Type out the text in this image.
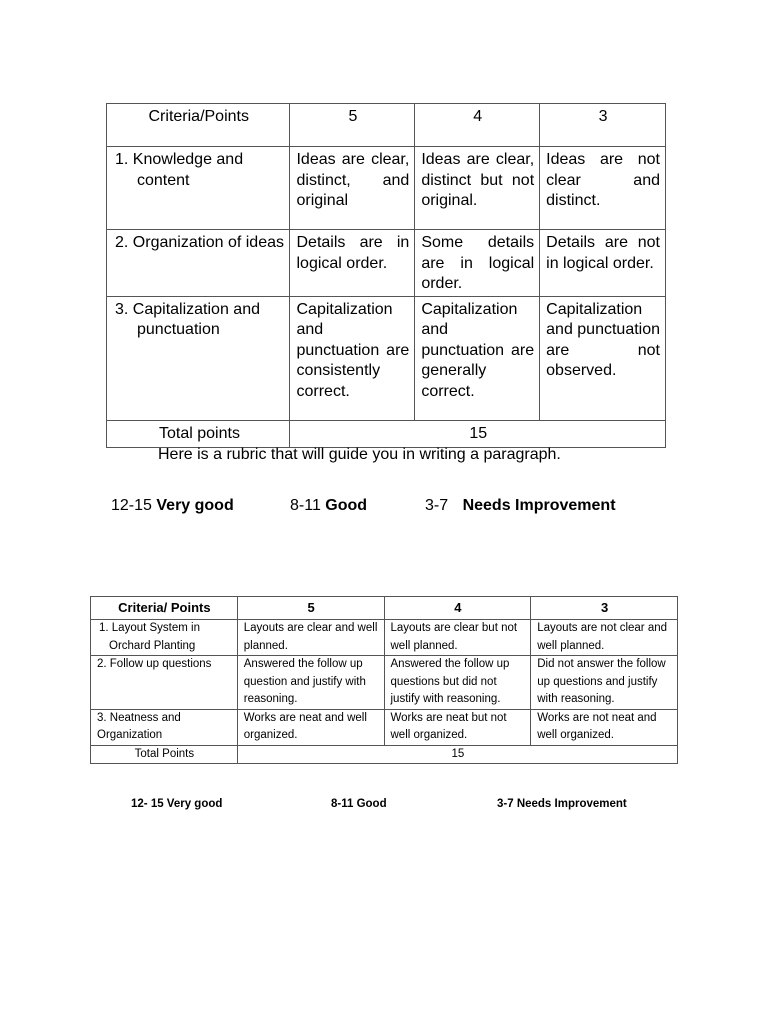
Criteria/Points	5	4	3
1. Knowledge and content	Ideas are clear, distinct, and original	Ideas are clear, distinct but not original.	Ideas are not clear and distinct.
2. Organization of ideas	Details are in logical order.	Some details are in logical order.	Details are not in logical order.
3. Capitalization and punctuation	Capitalization and punctuation are consistently correct.	Capitalization and punctuation are generally correct.	Capitalization and punctuation are not observed.
Total points	15		
Here is a rubric that will guide you in writing a paragraph.
12-15 Very good	8-11 Good	3-7 Needs Improvement
Criteria/ Points	5	4	3
1. Layout System in Orchard Planting	Layouts are clear and well planned.	Layouts are clear but not well planned.	Layouts are not clear and well planned.
2. Follow up questions	Answered the follow up question and justify with reasoning.	Answered the follow up questions but did not justify with reasoning.	Did not answer the follow up questions and justify with reasoning.
3. Neatness and Organization	Works are neat and well organized.	Works are neat but not well organized.	Works are not neat and well organized.
Total Points	15		
12- 15 Very good	8-11 Good	3-7 Needs Improvement
